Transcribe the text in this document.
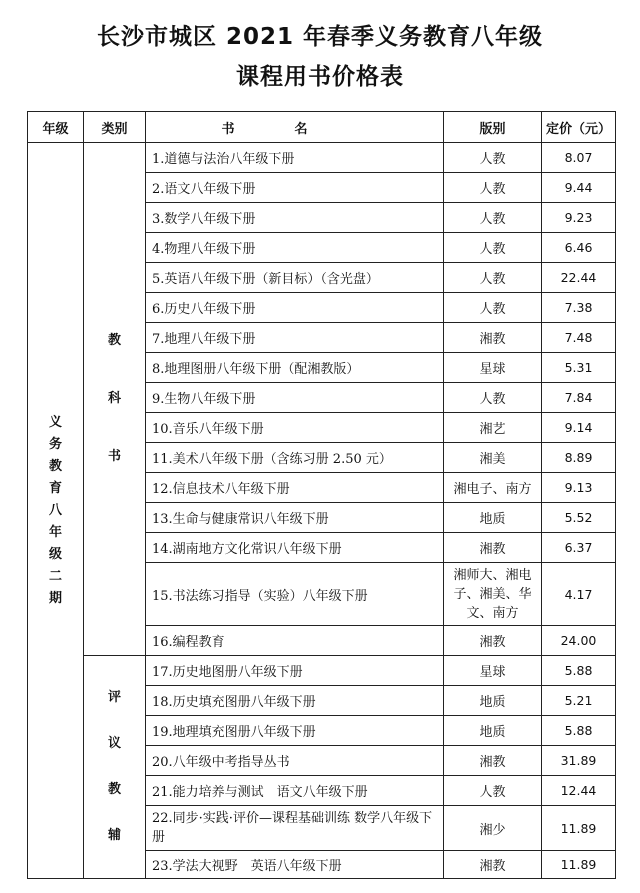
长沙市城区 2021 年春季义务教育八年级
课程用书价格表
年级	类别	书名	版别	定价（元）
义务教育八年级二期	教科书	1.道德与法治八年级下册	人教	8.07
		2.语文八年级下册	人教	9.44
		3.数学八年级下册	人教	9.23
		4.物理八年级下册	人教	6.46
		5.英语八年级下册（新目标）（含光盘）	人教	22.44
		6.历史八年级下册	人教	7.38
		7.地理八年级下册	湘教	7.48
		8.地理图册八年级下册（配湘教版）	星球	5.31
		9.生物八年级下册	人教	7.84
		10.音乐八年级下册	湘艺	9.14
		11.美术八年级下册（含练习册 2.50 元）	湘美	8.89
		12.信息技术八年级下册	湘电子、南方	9.13
		13.生命与健康常识八年级下册	地质	5.52
		14.湖南地方文化常识八年级下册	湘教	6.37
		15.书法练习指导（实验）八年级下册	湘师大、湘电子、湘美、华文、南方	4.17
		16.编程教育	湘教	24.00
	评议教辅	17.历史地图册八年级下册	星球	5.88
		18.历史填充图册八年级下册	地质	5.21
		19.地理填充图册八年级下册	地质	5.88
		20.八年级中考指导丛书	湘教	31.89
		21.能力培养与测试　语文八年级下册	人教	12.44
		22.同步·实践·评价—课程基础训练 数学八年级下册	湘少	11.89
		23.学法大视野　英语八年级下册	湘教	11.89
